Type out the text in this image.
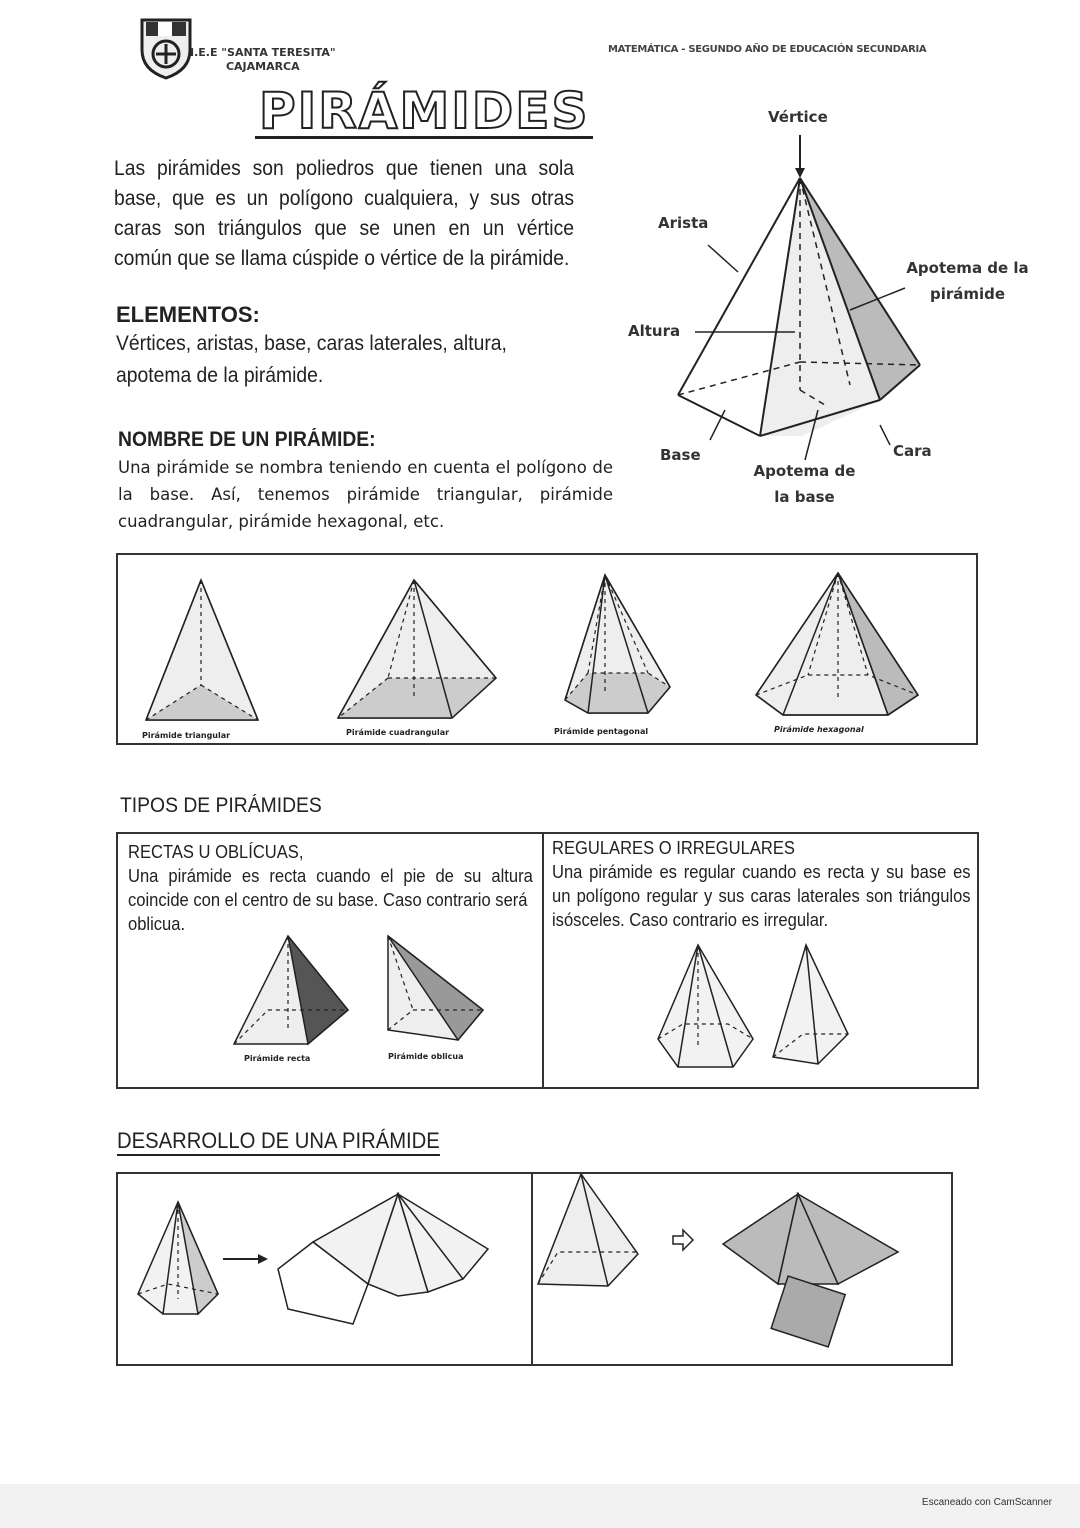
Escaneado con CamScanner
I.E.E "SANTA TERESITA"
CAJAMARCA
MATEMÁTICA - SEGUNDO AÑO DE EDUCACIÓN SECUNDARIA
PIRÁMIDES
Las pirámides son poliedros que tienen una sola base, que es un polígono cualquiera, y sus otras caras son triángulos que se unen en un vértice común que se llama cúspide o vértice de la pirámide.
ELEMENTOS:
Vértices, aristas, base, caras laterales, altura, apotema de la pirámide.
NOMBRE DE UN PIRÁMIDE:
Una pirámide se nombra teniendo en cuenta el polígono de la base. Así, tenemos pirámide triangular, pirámide cuadrangular, pirámide hexagonal, etc.
Vértice
Arista
Apotema de la pirámide
Altura
Base	Cara
Apotema de la base
Pirámide triangular	Pirámide cuadrangular	Pirámide pentagonal	Pirámide hexagonal
TIPOS DE PIRÁMIDES
RECTAS U OBLÍCUAS,
Una pirámide es recta cuando el pie de su altura coincide con el centro de su base. Caso contrario será
oblicua.
Pirámide recta	Pirámide oblicua
REGULARES O IRREGULARES
Una pirámide es regular cuando es recta y su base es un polígono regular y sus caras laterales son triángulos isósceles. Caso contrario es irregular.
DESARROLLO DE UNA PIRÁMIDE
